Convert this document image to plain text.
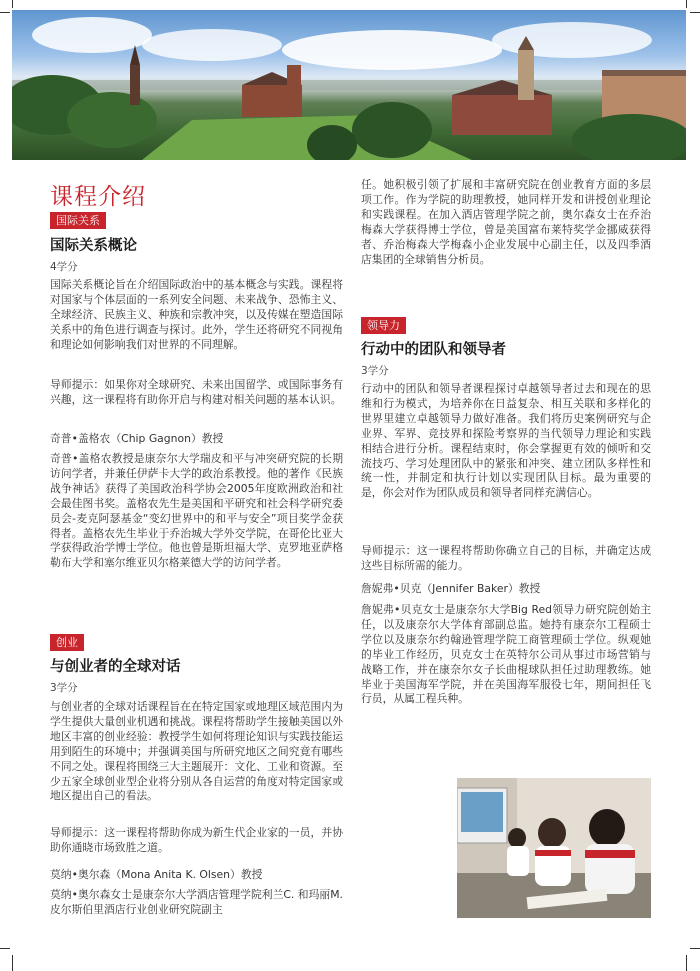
课程介绍
国际关系
国际关系概论
4学分

国际关系概论旨在介绍国际政治中的基本概念与实践。课程将对国家与个体层面的一系列安全问题、未来战争、恐怖主义、全球经济、民族主义、种族和宗教冲突，以及传媒在塑造国际关系中的角色进行调查与探讨。此外，学生还将研究不同视角和理论如何影响我们对世界的不同理解。

导师提示：如果你对全球研究、未来出国留学、或国际事务有兴趣，这一课程将有助你开启与构建对相关问题的基本认识。

奇普•盖格农（Chip Gagnon）教授

奇普•盖格农教授是康奈尔大学瑞皮和平与冲突研究院的长期访问学者，并兼任伊萨卡大学的政治系教授。他的著作《民族战争神话》获得了美国政治科学协会2005年度欧洲政治和社会最佳图书奖。盖格农先生是美国和平研究和社会科学研究委员会-麦克阿瑟基金“变幻世界中的和平与安全”项目奖学金获得者。盖格农先生毕业于乔治城大学外交学院，在哥伦比亚大学获得政治学博士学位。他也曾是斯坦福大学、克罗地亚萨格勒布大学和塞尔维亚贝尔格莱德大学的访问学者。

创业
与创业者的全球对话
3学分

与创业者的全球对话课程旨在在特定国家或地理区域范围内为学生提供大量创业机遇和挑战。课程将帮助学生接触美国以外地区丰富的创业经验：教授学生如何将理论知识与实践技能运用到陌生的环境中；并强调美国与所研究地区之间究竟有哪些不同之处。课程将围绕三大主题展开：文化、工业和资源。至少五家全球创业型企业将分别从各自运营的角度对特定国家或地区提出自己的看法。

导师提示：这一课程将帮助你成为新生代企业家的一员，并协助你通晓市场致胜之道。

莫纳•奥尔森（Mona Anita K. Olsen）教授

莫纳•奥尔森女士是康奈尔大学酒店管理学院利兰C. 和玛丽M. 皮尔斯伯里酒店行业创业研究院副主

任。她积极引领了扩展和丰富研究院在创业教育方面的多层项工作。作为学院的助理教授，她同样开发和讲授创业理论和实践课程。在加入酒店管理学院之前，奥尔森女士在乔治梅森大学获得博士学位，曾是美国富布莱特奖学金挪威获得者、乔治梅森大学梅森小企业发展中心副主任，以及四季酒店集团的全球销售分析员。

领导力
行动中的团队和领导者
3学分

行动中的团队和领导者课程探讨卓越领导者过去和现在的思维和行为模式，为培养你在日益复杂、相互关联和多样化的世界里建立卓越领导力做好准备。我们将历史案例研究与企业界、军界、竞技界和探险考察界的当代领导力理论和实践相结合进行分析。课程结束时，你会掌握更有效的倾听和交流技巧、学习处理团队中的紧张和冲突、建立团队多样性和统一性，并制定和执行计划以实现团队目标。最为重要的是，你会对作为团队成员和领导者同样充满信心。

导师提示：这一课程将帮助你确立自己的目标，并确定达成这些目标所需的能力。

詹妮弗•贝克（Jennifer Baker）教授

詹妮弗•贝克女士是康奈尔大学Big Red领导力研究院创始主任，以及康奈尔大学体育部副总监。她持有康奈尔工程硕士学位以及康奈尔约翰逊管理学院工商管理硕士学位。纵观她的毕业工作经历，贝克女士在英特尔公司从事过市场营销与战略工作，并在康奈尔女子长曲棍球队担任过助理教练。她毕业于美国海军学院，并在美国海军服役七年，期间担任飞行员，从属工程兵种。
